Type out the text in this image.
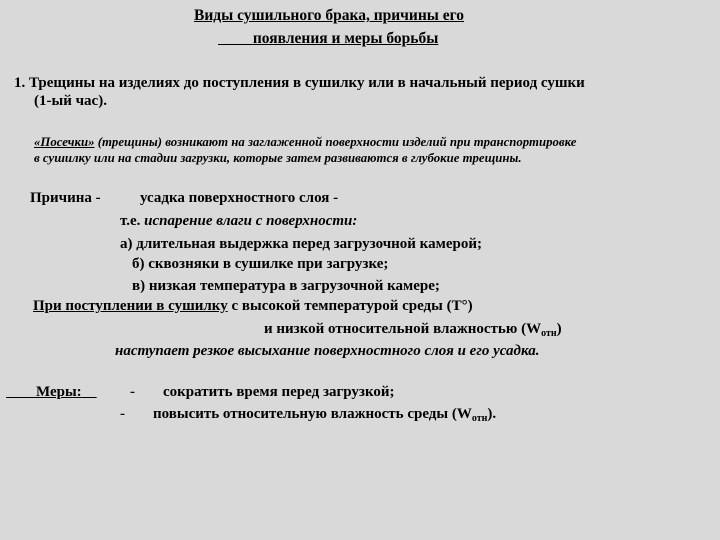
Виды сушильного брака, причины его
появления и меры борьбы
1. Трещины на изделиях до поступления в сушилку или в начальный период сушки
(1-ый час).
«Посечки» (трещины) возникают на заглаженной поверхности изделий при транспортировке
в сушилку или на стадии загрузки, которые затем развиваются в глубокие трещины.
Причина -	усадка поверхностного слоя -
т.е. испарение влаги с поверхности:
а) длительная выдержка перед загрузочной камерой;
б) сквозняки в сушилке при загрузке;
в) низкая температура в загрузочной камере;
При поступлении в сушилку с высокой температурой среды (Т°)
и низкой относительной влажностью $(W_{отн})$
наступает резкое высыхание поверхностного слоя и его усадка.
Меры:	- сократить время перед загрузкой;
- повысить относительную влажность среды $(W_{отн})$.
